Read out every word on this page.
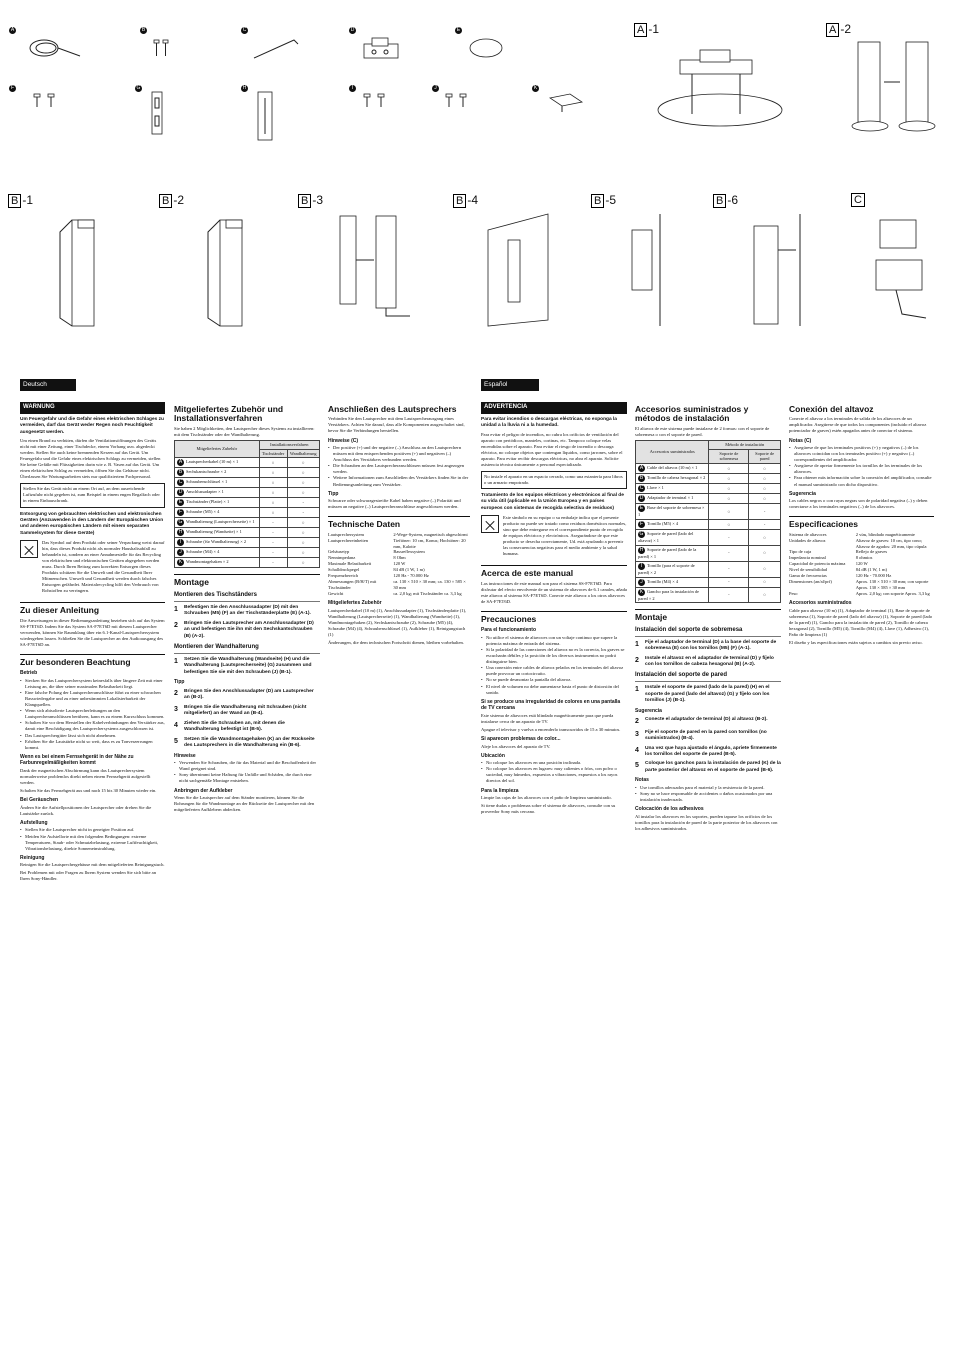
A	B	C	D	E
F	G	H	I	J	K
A -1	A -2
B -1	B -2	B -3	B -4	B -5	B -6	C
Deutsch	Español
WARNUNG

Um Feuergefahr und die Gefahr eines elektrischen Schlages zu vermeiden, darf das Gerät weder Regen noch Feuchtigkeit ausgesetzt werden.

Um einen Brand zu verhüten, dürfen die Ventilationsöffnungen des Geräts nicht mit einer Zeitung, einer Tischdecke, einem Vorhang usw. abgedeckt werden. Stellen Sie auch keine brennenden Kerzen auf das Gerät. Um Feuergefahr und die Gefahr eines elektrischen Schlags zu vermeiden, stellen Sie keine Gefäße mit Flüssigkeiten darin wie z. B. Vasen auf das Gerät. Um einen elektrischen Schlag zu vermeiden, öffnen Sie das Gehäuse nicht. Überlassen Sie Wartungsarbeiten stets nur qualifiziertem Fachpersonal.

Stellen Sie das Gerät nicht an einem Ort auf, an dem ausreichende Luftzufuhr nicht gegeben ist, zum Beispiel in einem engen Regalfach oder in einem Einbauschrank.

Entsorgung von gebrauchten elektrischen und elektronischen Geräten (Anzuwenden in den Ländern der Europäischen Union und anderen europäischen Ländern mit einem separaten Sammelsystem für diese Geräte)

Das Symbol auf dem Produkt oder seiner Verpackung weist darauf hin, dass dieses Produkt nicht als normaler Haushaltsabfall zu behandeln ist, sondern an einer Annahmestelle für das Recycling von elektrischen und elektronischen Geräten abgegeben werden muss. Durch Ihren Beitrag zum korrekten Entsorgen dieses Produkts schützen Sie die Umwelt und die Gesundheit Ihrer Mitmenschen. Umwelt und Gesundheit werden durch falsches Entsorgen gefährdet. Materialrecycling hilft den Verbrauch von Rohstoffen zu verringern.

Zu dieser Anleitung

Die Anweisungen in dieser Bedienungsanleitung beziehen sich auf das System SS-F7ET6D. Indem Sie das System SA-F7ET6D mit diesem Lautsprecher verwenden, können Sie Raumklang über ein 6.1-Kanal-Lautsprechersystem wiedergeben lassen. Schließen Sie die Lautsprecher an den Audioausgang des SA-F7ET6D an.

Zur besonderen Beachtung
Betrieb
• Stecken Sie das Lautsprechersystem keinesfalls über längere Zeit mit einer Leistung an, die über seiner maximalen Belastbarkeit liegt.
• Eine falsche Polung der Lautsprecheranschlüsse führt zu einer schwachen Basswiedergabe und zu einer unbestimmten Lokalisierbarkeit der Klangquellen.
• Wenn sich abisolierte Lautsprecherleitungen an den Lautsprecheranschlüssen berühren, kann es zu einem Kurzschluss kommen.
• Schalten Sie vor dem Herstellen der Kabelverbindungen den Verstärker aus, damit eine Beschädigung des Lautsprechersystems ausgeschlossen ist.
• Das Lautsprechergitter lässt sich nicht abnehmen.
• Erhöhen Sie die Lautstärke nicht so weit, dass es zu Tonverzerrungen kommt.
Wenn es bei einem Fernsehgerät in der Nähe zu Farbunregelmäßigkeiten kommt

Dank der magnetischen Abschirmung kann das Lautsprechersystem normalerweise problemlos direkt neben einem Fernsehgerät aufgestellt werden.

Schalten Sie das Fernsehgerät aus und nach 15 bis 30 Minuten wieder ein.

Bei Geräuschen

Ändern Sie die Aufstellpositionen der Lautsprecher oder drehen Sie die Lautstärke zurück.

Aufstellung
• Stellen Sie die Lautsprecher nicht in geneigter Position auf.
• Meiden Sie Aufstellorte mit den folgenden Bedingungen: extreme Temperaturen, Staub- oder Schmutzbelastung, extreme Luftfeuchtigkeit, Vibrationsbelastung, direkte Sonneneinstrahlung.
Reinigung

Reinigen Sie die Lautsprechergehäuse mit dem mitgelieferten Reinigungstuch.

Bei Problemen mit oder Fragen zu Ihrem System wenden Sie sich bitte an Ihren Sony-Händler.

Mitgeliefertes Zubehör und Installationsverfahren

Sie haben 2 Möglichkeiten, den Lautsprecher dieses Systems zu installieren: mit dem Tischständer oder der Wandhalterung.

Mitgeliefertes Zubehör	Installationsverfahren	
	Tischständer	Wandhalterung
A Lautsprecherkabel (10 m) × 1	○	○
B Sechskantschraube × 2	○	○
C Schraubenschlüssel × 1	○	○
D Anschlussadapter × 1	○	○
E Tischständer (Platte) × 1	○	-
F Schraube (M5) × 4	○	-
G Wandhalterung (Lautsprecherseite) × 1	-	○
H Wandhalterung (Wandseite) × 1	-	○
I Schraube (für Wandhalterung) × 2	-	○
J Schraube (M4) × 4	-	○
K Wandmontagehaken × 2	-	○
Montage
Montieren des Tischständers
1	Befestigen Sie den Anschlussadapter (D) mit den Schrauben (M5) (F) an der Tischständerplatte (E) (A-1).
2	Bringen Sie den Lautsprecher am Anschlussadapter (D) an und befestigen Sie ihn mit den Sechskantschrauben (B) (A-2).
Montieren der Wandhalterung
1	Setzen Sie die Wandhalterung (Wandseite) (H) und die Wandhalterung (Lautsprecherseite) (G) zusammen und befestigen Sie sie mit den Schrauben (J) (B-1).
Tipp
2	Bringen Sie den Anschlussadapter (D) am Lautsprecher an (B-2).
3	Bringen Sie die Wandhalterung mit Schrauben (nicht mitgeliefert) an der Wand an (B-4).
4	Ziehen Sie die Schrauben an, mit denen die Wandhalterung befestigt ist (B-5).
5	Setzen Sie die Wandmontagehaken (K) an der Rückseite des Lautsprechers in die Wandhalterung ein (B-6).
Hinweise
• Verwenden Sie Schrauben, die für das Material und die Beschaffenheit der Wand geeignet sind.
• Sony übernimmt keine Haftung für Unfälle und Schäden, die durch eine nicht sachgemäße Montage entstehen.
Anbringen der Aufkleber

Wenn Sie die Lautsprecher auf dem Ständer montieren, können Sie die Bohrungen für die Wandmontage an der Rückseite der Lautsprecher mit den mitgelieferten Aufklebern abdecken.

Anschließen des Lautsprechers

Verbinden Sie den Lautsprecher mit dem Lautsprecherausgang eines Verstärkers. Achten Sie darauf, dass alle Komponenten ausgeschaltet sind, bevor Sie die Verbindungen herstellen.

Hinweise (C)
• Der positive (+) und der negative (–) Anschluss an den Lautsprechern müssen mit dem entsprechenden positiven (+) und negativen (–) Anschluss des Verstärkers verbunden werden.
• Die Schrauben an den Lautsprecheranschlüssen müssen fest angezogen werden.
• Weitere Informationen zum Anschließen des Verstärkers finden Sie in der Bedienungsanleitung zum Verstärker.
Tipp

Schwarze oder schwarzgestreifte Kabel haben negative (–) Polarität und müssen an negative (–) Lautsprecheranschlüsse angeschlossen werden.

Technische Daten
Lautsprechersystem	2-Wege-System, magnetisch abgeschirmt
Lautsprechereinheiten	Tieftöner: 10 cm, Konus; Hochtöner: 20 mm, Kalotte
Gehäusetyp	Bassreflexsystem
Nennimpedanz	8 Ohm
Maximale Belastbarkeit	120 W
Schalldruckpegel	84 dB (1 W, 1 m)
Frequenzbereich	120 Hz - 70.000 Hz
Abmessungen (B/H/T) mit Tischständer
ca. 130 × 510 × 30 mm; ca. 130 × 585 × 30 mm
Gewicht	ca. 2,0 kg; mit Tischständer ca. 3,3 kg
Mitgeliefertes Zubehör

Lautsprecherkabel (10 m) (1), Anschlussadapter (1), Tischständerplatte (1), Wandhalterung (Lautsprecherseite) (1), Wandhalterung (Wandseite) (1), Wandmontagehaken (2), Sechskantschraube (2), Schraube (M5) (4), Schraube (M4) (4), Schraubenschlüssel (1), Aufkleber (1), Reinigungstuch (1)

Änderungen, die dem technischen Fortschritt dienen, bleiben vorbehalten.

ADVERTENCIA

Para evitar incendios o descargas eléctricas, no exponga la unidad a la lluvia ni a la humedad.

Para evitar el peligro de incendios, no cubra los orificios de ventilación del aparato con periódicos, manteles, cortinas, etc. Tampoco coloque velas encendidas sobre el aparato. Para evitar el riesgo de incendio o descarga eléctrica, no coloque objetos que contengan líquidos, como jarrones, sobre el aparato. Para evitar recibir descargas eléctricas, no abra el aparato. Solicite asistencia técnica únicamente a personal especializado.

No instale el aparato en un espacio cerrado, como una estantería para libros o un armario empotrado.

Tratamiento de los equipos eléctricos y electrónicos al final de su vida útil (aplicable en la Unión Europea y en países europeos con sistemas de recogida selectiva de residuos)

Este símbolo en su equipo o su embalaje indica que el presente producto no puede ser tratado como residuos domésticos normales, sino que debe entregarse en el correspondiente punto de recogida de equipos eléctricos y electrónicos. Asegurándose de que este producto se desecha correctamente, Ud. está ayudando a prevenir las consecuencias negativas para el medio ambiente y la salud humana.

Acerca de este manual

Las instrucciones de este manual son para el sistema SS-F7ET6D. Para disfrutar del efecto envolvente de un sistema de altavoces de 6.1 canales, añada este altavoz al sistema SA-F7ET6D. Conecte este altavoz a los otros altavoces de SA-F7ET6D.

Precauciones
Para el funcionamiento
• No utilice el sistema de altavoces con un voltaje continuo que supere la potencia máxima de entrada del sistema.
• Si la polaridad de las conexiones del altavoz no es la correcta, los graves se escucharán débiles y la posición de los diversos instrumentos no podrá distinguirse bien.
• Una conexión entre cables de altavoz pelados en los terminales del altavoz puede provocar un cortocircuito.
• No se puede desmontar la pantalla del altavoz.
• El nivel de volumen no debe aumentarse hasta el punto de distorsión del sonido.
Si se produce una irregularidad de colores en una pantalla de TV cercana

Este sistema de altavoces está blindado magnéticamente para que pueda instalarse cerca de un aparato de TV.

Apague el televisor y vuelva a encenderlo transcurridos de 15 a 30 minutos.

Si aparecen problemas de color...

Aleje los altavoces del aparato de TV.

Ubicación
• No coloque los altavoces en una posición inclinada.
• No coloque los altavoces en lugares: muy calientes o fríos, con polvo o suciedad, muy húmedos, expuestos a vibraciones, expuestos a los rayos directos del sol.
Para la limpieza

Limpie las cajas de los altavoces con el paño de limpieza suministrado.

Si tiene dudas o problemas sobre el sistema de altavoces, consulte con su proveedor Sony más cercano.

Accesorios suministrados y métodos de instalación

El altavoz de este sistema puede instalarse de 2 formas: con el soporte de sobremesa o con el soporte de pared.

Accesorios suministrados	Método de instalación	
	Soporte de sobremesa	Soporte de pared
A Cable del altavoz (10 m) × 1	○	○
B Tornillo de cabeza hexagonal × 2	○	○
C Llave × 1	○	○
D Adaptador de terminal × 1	○	○
E Base del soporte de sobremesa × 1	○	-
F Tornillo (M5) × 4	○	-
G Soporte de pared (lado del altavoz) × 1	-	○
H Soporte de pared (lado de la pared) × 1	-	○
I Tornillo (para el soporte de pared) × 2	-	○
J Tornillo (M4) × 4	-	○
K Gancho para la instalación de pared × 2	-	○
Montaje
Instalación del soporte de sobremesa
1	Fije el adaptador de terminal (D) a la base del soporte de sobremesa (E) con los tornillos (M5) (F) (A-1).
2	Instale el altavoz en el adaptador de terminal (D) y fíjelo con los tornillos de cabeza hexagonal (B) (A-2).
Instalación del soporte de pared
1	Instale el soporte de pared (lado de la pared) (H) en el soporte de pared (lado del altavoz) (G) y fíjelo con los tornillos (J) (B-1).
Sugerencia
2	Conecte el adaptador de terminal (D) al altavoz (B-2).
3	Fije el soporte de pared en la pared con tornillos (no suministrados) (B-4).
4	Una vez que haya ajustado el ángulo, apriete firmemente los tornillos del soporte de pared (B-5).
5	Coloque los ganchos para la instalación de pared (K) de la parte posterior del altavoz en el soporte de pared (B-6).
Notas
• Use tornillos adecuados para el material y la resistencia de la pared.
• Sony no se hace responsable de accidentes o daños ocasionados por una instalación inadecuada.
Colocación de los adhesivos

Al instalar los altavoces en los soportes, pueden taparse los orificios de los tornillos para la instalación de pared de la parte posterior de los altavoces con los adhesivos suministrados.

Conexión del altavoz

Conecte el altavoz a los terminales de salida de los altavoces de un amplificador. Asegúrese de que todos los componentes (incluido el altavoz potenciador de graves) estén apagados antes de conectar el sistema.

Notas (C)
• Asegúrese de que los terminales positivos (+) y negativos (–) de los altavoces coincidan con los terminales positivo (+) y negativo (–) correspondientes del amplificador.
• Asegúrese de apretar firmemente los tornillos de los terminales de los altavoces.
• Para obtener más información sobre la conexión del amplificador, consulte el manual suministrado con dicho dispositivo.
Sugerencia

Los cables negros o con rayas negras son de polaridad negativa (–) y deben conectarse a los terminales negativos (–) de los altavoces.

Especificaciones
Sistema de altavoces	2 vías, blindado magnéticamente
Unidades de altavoz	Altavoz de graves: 10 cm, tipo cono; Altavoz de agudos: 20 mm, tipo cúpula
Tipo de caja	Reflejo de graves
Impedancia nominal	8 ohmios
Capacidad de potencia máxima	120 W
Nivel de sensibilidad	84 dB (1 W, 1 m)
Gama de frecuencias	120 Hz - 70.000 Hz
Dimensiones (an/al/prf)	Aprox. 130 × 510 × 30 mm; con soporte Aprox. 130 × 585 × 30 mm
Peso	Aprox. 2,0 kg; con soporte Aprox. 3,3 kg
Accesorios suministrados

Cable para altavoz (10 m) (1), Adaptador de terminal (1), Base de soporte de sobremesa (1), Soporte de pared (lado del altavoz) (1), Soporte de pared (lado de la pared) (1), Gancho para la instalación de pared (2), Tornillo de cabeza hexagonal (2), Tornillo (M5) (4), Tornillo (M4) (4), Llave (1), Adhesivo (1), Paño de limpieza (1)

El diseño y las especificaciones están sujetos a cambios sin previo aviso.
